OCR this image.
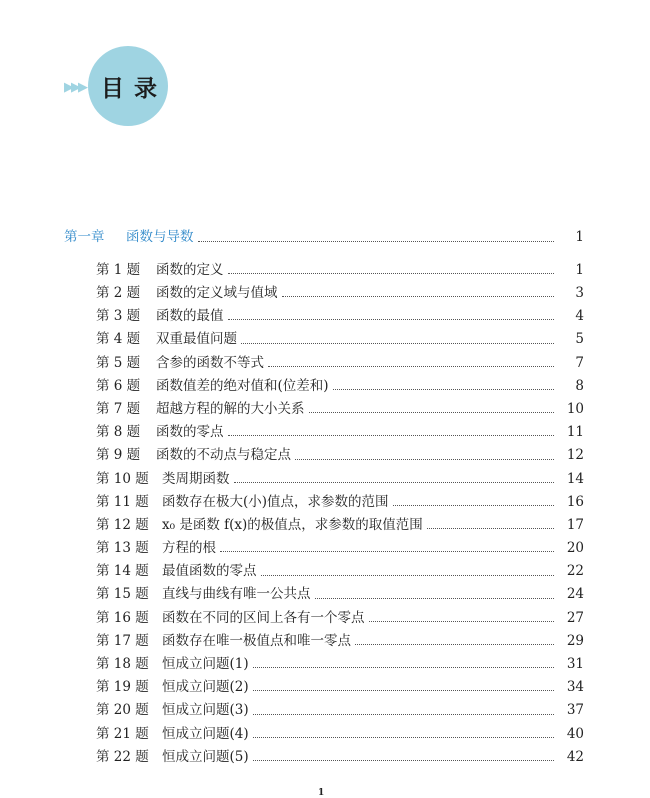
▶▶▶ 目录
第一章	函数与导数	1
第 1 题	函数的定义	1
第 2 题	函数的定义域与值域	3
第 3 题	函数的最值	4
第 4 题	双重最值问题	5
第 5 题	含参的函数不等式	7
第 6 题	函数值差的绝对值和(位差和)	8
第 7 题	超越方程的解的大小关系	10
第 8 题	函数的零点	11
第 9 题	函数的不动点与稳定点	12
第 10 题 类周期函数	14
第 11 题 函数存在极大(小)值点，求参数的范围	16
第 12 题 x₀ 是函数 f(x)的极值点，求参数的取值范围	17
第 13 题 方程的根	20
第 14 题 最值函数的零点	22
第 15 题 直线与曲线有唯一公共点	24
第 16 题 函数在不同的区间上各有一个零点	27
第 17 题 函数存在唯一极值点和唯一零点	29
第 18 题 恒成立问题(1)	31
第 19 题 恒成立问题(2)	34
第 20 题 恒成立问题(3)	37
第 21 题 恒成立问题(4)	40
第 22 题 恒成立问题(5)	42
1
